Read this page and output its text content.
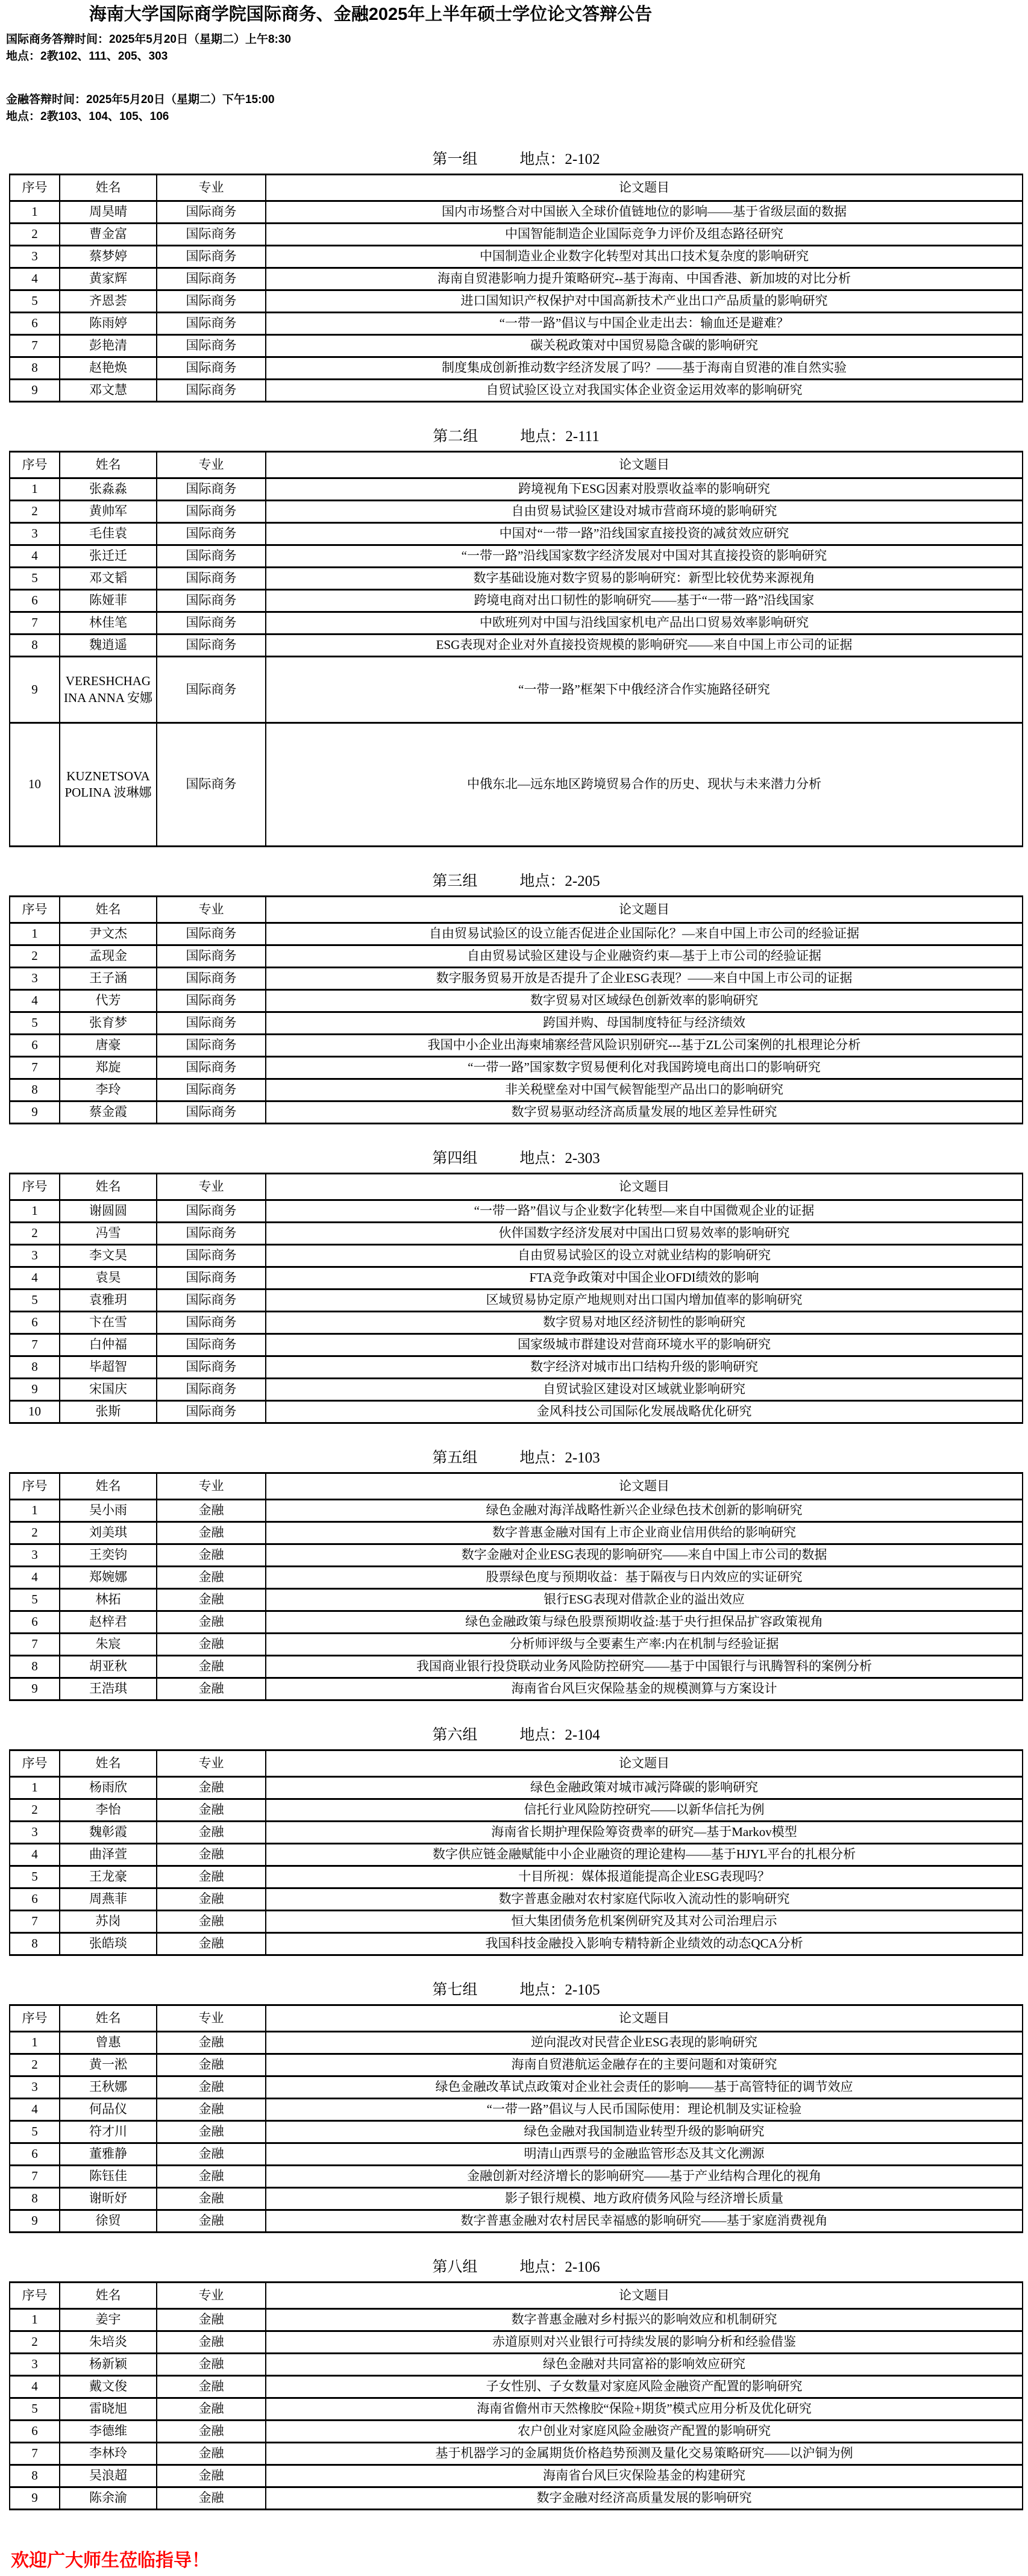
海南大学国际商学院国际商务、金融2025年上半年硕士学位论文答辩公告

国际商务答辩时间：2025年5月20日（星期二）上午8:30

地点：2教102、111、205、303

金融答辩时间：2025年5月20日（星期二）下午15:00

地点：2教103、104、105、106

第一组	地点：2-102
序号	姓名	专业	论文题目
1	周昊晴	国际商务	国内市场整合对中国嵌入全球价值链地位的影响——基于省级层面的数据
2	曹金富	国际商务	中国智能制造企业国际竞争力评价及组态路径研究
3	蔡梦婷	国际商务	中国制造业企业数字化转型对其出口技术复杂度的影响研究
4	黄家辉	国际商务	海南自贸港影响力提升策略研究--基于海南、中国香港、新加坡的对比分析
5	齐恩荟	国际商务	进口国知识产权保护对中国高新技术产业出口产品质量的影响研究
6	陈雨婷	国际商务	“一带一路”倡议与中国企业走出去：输血还是避难？
7	彭艳清	国际商务	碳关税政策对中国贸易隐含碳的影响研究
8	赵艳焕	国际商务	制度集成创新推动数字经济发展了吗？——基于海南自贸港的准自然实验
9	邓文慧	国际商务	自贸试验区设立对我国实体企业资金运用效率的影响研究
第二组	地点：2-111
序号	姓名	专业	论文题目
1	张淼淼	国际商务	跨境视角下ESG因素对股票收益率的影响研究
2	黄帅军	国际商务	自由贸易试验区建设对城市营商环境的影响研究
3	毛佳袁	国际商务	中国对“一带一路”沿线国家直接投资的减贫效应研究
4	张迁迁	国际商务	“一带一路”沿线国家数字经济发展对中国对其直接投资的影响研究
5	邓文韬	国际商务	数字基础设施对数字贸易的影响研究：新型比较优势来源视角
6	陈娅菲	国际商务	跨境电商对出口韧性的影响研究——基于“一带一路”沿线国家
7	林佳笔	国际商务	中欧班列对中国与沿线国家机电产品出口贸易效率影响研究
8	魏逍遥	国际商务	ESG表现对企业对外直接投资规模的影响研究——来自中国上市公司的证据
9	VERESHCHAGINA ANNA 安娜	国际商务	“一带一路”框架下中俄经济合作实施路径研究
10	KUZNETSOVA POLINA 波琳娜	国际商务	中俄东北—远东地区跨境贸易合作的历史、现状与未来潜力分析
第三组	地点：2-205
序号	姓名	专业	论文题目
1	尹文杰	国际商务	自由贸易试验区的设立能否促进企业国际化？—来自中国上市公司的经验证据
2	孟现金	国际商务	自由贸易试验区建设与企业融资约束—基于上市公司的经验证据
3	王子涵	国际商务	数字服务贸易开放是否提升了企业ESG表现？——来自中国上市公司的证据
4	代芳	国际商务	数字贸易对区域绿色创新效率的影响研究
5	张育梦	国际商务	跨国并购、母国制度特征与经济绩效
6	唐豪	国际商务	我国中小企业出海柬埔寨经营风险识别研究---基于ZL公司案例的扎根理论分析
7	郑旋	国际商务	“一带一路”国家数字贸易便利化对我国跨境电商出口的影响研究
8	李玲	国际商务	非关税壁垒对中国气候智能型产品出口的影响研究
9	蔡金霞	国际商务	数字贸易驱动经济高质量发展的地区差异性研究
第四组	地点：2-303
序号	姓名	专业	论文题目
1	谢圆圆	国际商务	“一带一路”倡议与企业数字化转型—来自中国微观企业的证据
2	冯雪	国际商务	伙伴国数字经济发展对中国出口贸易效率的影响研究
3	李文昊	国际商务	自由贸易试验区的设立对就业结构的影响研究
4	袁昊	国际商务	FTA竞争政策对中国企业OFDI绩效的影响
5	袁雅玥	国际商务	区域贸易协定原产地规则对出口国内增加值率的影响研究
6	卞在雪	国际商务	数字贸易对地区经济韧性的影响研究
7	白仲福	国际商务	国家级城市群建设对营商环境水平的影响研究
8	毕超智	国际商务	数字经济对城市出口结构升级的影响研究
9	宋国庆	国际商务	自贸试验区建设对区域就业影响研究
10	张斯	国际商务	金风科技公司国际化发展战略优化研究
第五组	地点：2-103
序号	姓名	专业	论文题目
1	吴小雨	金融	绿色金融对海洋战略性新兴企业绿色技术创新的影响研究
2	刘美琪	金融	数字普惠金融对国有上市企业商业信用供给的影响研究
3	王奕钧	金融	数字金融对企业ESG表现的影响研究——来自中国上市公司的数据
4	郑婉娜	金融	股票绿色度与预期收益：基于隔夜与日内效应的实证研究
5	林拓	金融	银行ESG表现对借款企业的溢出效应
6	赵梓君	金融	绿色金融政策与绿色股票预期收益:基于央行担保品扩容政策视角
7	朱宸	金融	分析师评级与全要素生产率:内在机制与经验证据
8	胡亚秋	金融	我国商业银行投贷联动业务风险防控研究——基于中国银行与讯腾智科的案例分析
9	王浩琪	金融	海南省台风巨灾保险基金的规模测算与方案设计
第六组	地点：2-104
序号	姓名	专业	论文题目
1	杨雨欣	金融	绿色金融政策对城市减污降碳的影响研究
2	李怡	金融	信托行业风险防控研究——以新华信托为例
3	魏彰霞	金融	海南省长期护理保险筹资费率的研究—基于Markov模型
4	曲泽萱	金融	数字供应链金融赋能中小企业融资的理论建构——基于HJYL平台的扎根分析
5	王龙豪	金融	十目所视：媒体报道能提高企业ESG表现吗？
6	周燕菲	金融	数字普惠金融对农村家庭代际收入流动性的影响研究
7	苏岗	金融	恒大集团债务危机案例研究及其对公司治理启示
8	张皓琰	金融	我国科技金融投入影响专精特新企业绩效的动态QCA分析
第七组	地点：2-105
序号	姓名	专业	论文题目
1	曾惠	金融	逆向混改对民营企业ESG表现的影响研究
2	黄一淞	金融	海南自贸港航运金融存在的主要问题和对策研究
3	王秋娜	金融	绿色金融改革试点政策对企业社会责任的影响——基于高管特征的调节效应
4	何品仪	金融	“一带一路”倡议与人民币国际使用：理论机制及实证检验
5	符才川	金融	绿色金融对我国制造业转型升级的影响研究
6	董雅静	金融	明清山西票号的金融监管形态及其文化溯源
7	陈钰佳	金融	金融创新对经济增长的影响研究——基于产业结构合理化的视角
8	谢昕妤	金融	影子银行规模、地方政府债务风险与经济增长质量
9	徐贸	金融	数字普惠金融对农村居民幸福感的影响研究——基于家庭消费视角
第八组	地点：2-106
序号	姓名	专业	论文题目
1	姜宇	金融	数字普惠金融对乡村振兴的影响效应和机制研究
2	朱培炎	金融	赤道原则对兴业银行可持续发展的影响分析和经验借鉴
3	杨新颖	金融	绿色金融对共同富裕的影响效应研究
4	戴文俊	金融	子女性别、子女数量对家庭风险金融资产配置的影响研究
5	雷晓旭	金融	海南省儋州市天然橡胶“保险+期货”模式应用分析及优化研究
6	李德维	金融	农户创业对家庭风险金融资产配置的影响研究
7	李林玲	金融	基于机器学习的金属期货价格趋势预测及量化交易策略研究——以沪铜为例
8	吴浪超	金融	海南省台风巨灾保险基金的构建研究
9	陈余渝	金融	数字金融对经济高质量发展的影响研究

欢迎广大师生莅临指导！
